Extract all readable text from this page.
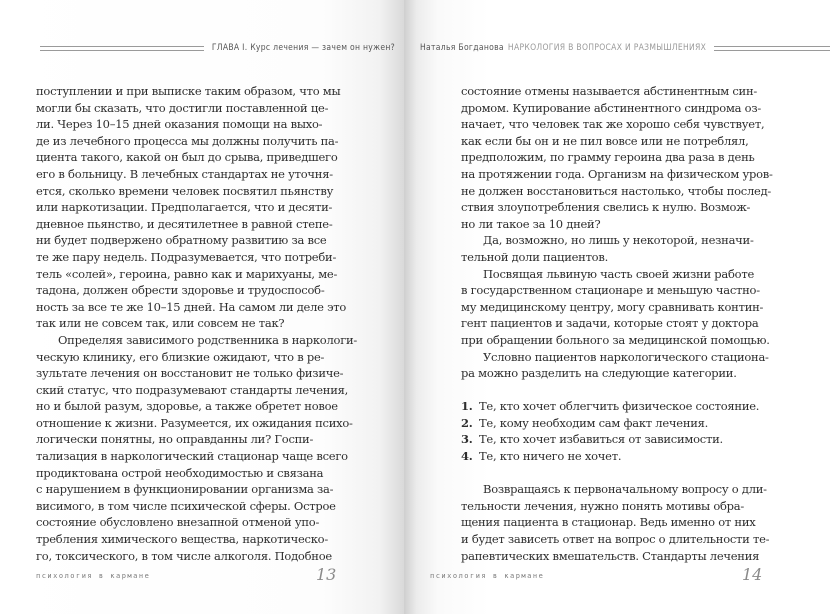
ГЛАВА I. Курс лечения — зачем он нужен?
поступлении и при выписке таким образом, что мы
могли бы сказать, что достигли поставленной це-
ли. Через 10–15 дней оказания помощи на выхо-
де из лечебного процесса мы должны получить па-
циента такого, какой он был до срыва, приведшего
его в больницу. В лечебных стандартах не уточня-
ется, сколько времени человек посвятил пьянству
или наркотизации. Предполагается, что и десяти-
дневное пьянство, и десятилетнее в равной степе-
ни будет подвержено обратному развитию за все
те же пару недель. Подразумевается, что потреби-
тель «солей», героина, равно как и марихуаны, ме-
тадона, должен обрести здоровье и трудоспособ-
ность за все те же 10–15 дней. На самом ли деле это
так или не совсем так, или совсем не так?
Определяя зависимого родственника в наркологи-
ческую клинику, его близкие ожидают, что в ре-
зультате лечения он восстановит не только физиче-
ский статус, что подразумевают стандарты лечения,
но и былой разум, здоровье, а также обретет новое
отношение к жизни. Разумеется, их ожидания психо-
логически понятны, но оправданны ли? Госпи-
тализация в наркологический стационар чаще всего
продиктована острой необходимостью и связана
с нарушением в функционировании организма за-
висимого, в том числе психической сферы. Острое
состояние обусловлено внезапной отменой упо-
требления химического вещества, наркотическо-
го, токсического, в том числе алкоголя. Подобное
психология в кармане	13
Наталья Богданова НАРКОЛОГИЯ В ВОПРОСАХ И РАЗМЫШЛЕНИЯХ
состояние отмены называется абстинентным син-
дромом. Купирование абстинентного синдрома оз-
начает, что человек так же хорошо себя чувствует,
как если бы он и не пил вовсе или не потреблял,
предположим, по грамму героина два раза в день
на протяжении года. Организм на физическом уров-
не должен восстановиться настолько, чтобы послед-
ствия злоупотребления свелись к нулю. Возмож-
но ли такое за 10 дней?
Да, возможно, но лишь у некоторой, незначи-
тельной доли пациентов.
Посвящая львиную часть своей жизни работе
в государственном стационаре и меньшую частно-
му медицинскому центру, могу сравнивать контин-
гент пациентов и задачи, которые стоят у доктора
при обращении больного за медицинской помощью.
Условно пациентов наркологического стациона-
ра можно разделить на следующие категории.
1. Те, кто хочет облегчить физическое состояние.
2. Те, кому необходим сам факт лечения.
3. Те, кто хочет избавиться от зависимости.
4. Те, кто ничего не хочет.
Возвращаясь к первоначальному вопросу о дли-
тельности лечения, нужно понять мотивы обра-
щения пациента в стационар. Ведь именно от них
и будет зависеть ответ на вопрос о длительности те-
рапевтических вмешательств. Стандарты лечения
психология в кармане	14
